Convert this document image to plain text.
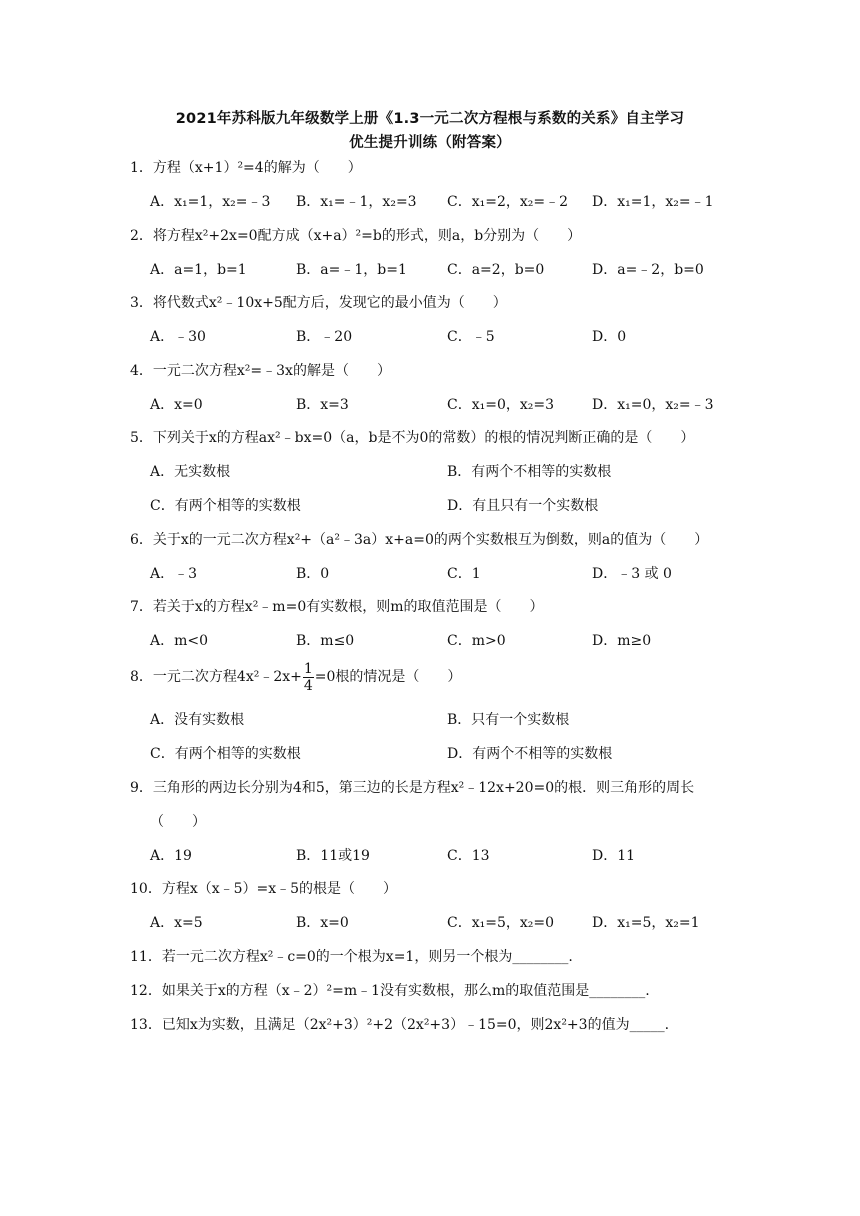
2021年苏科版九年级数学上册《1.3一元二次方程根与系数的关系》自主学习
优生提升训练（附答案）
1．方程（x+1）²=4的解为（　　）
A．x₁=1，x₂=﹣3 B．x₁=﹣1，x₂=3 C．x₁=2，x₂=﹣2 D．x₁=1，x₂=﹣1
2．将方程x²+2x=0配方成（x+a）²=b的形式，则a，b分别为（　　）
A．a=1，b=1	B．a=﹣1，b=1	C．a=2，b=0	D．a=﹣2，b=0
3．将代数式x²﹣10x+5配方后，发现它的最小值为（　　）
A．﹣30	B．﹣20	C．﹣5	D．0
4．一元二次方程x²=﹣3x的解是（　　）
A．x=0	B．x=3	C．x₁=0，x₂=3	D．x₁=0，x₂=﹣3
5．下列关于x的方程ax²﹣bx=0（a，b是不为0的常数）的根的情况判断正确的是（　　）
A．无实数根	B．有两个不相等的实数根
C．有两个相等的实数根	D．有且只有一个实数根
6．关于x的一元二次方程x²+（a²﹣3a）x+a=0的两个实数根互为倒数，则a的值为（　　）
A．﹣3	B．0	C．1	D．﹣3 或 0
7．若关于x的方程x²﹣m=0有实数根，则m的取值范围是（　　）
A．m<0	B．m≤0	C．m>0	D．m≥0
8．一元二次方程4x²﹣2x+ $\frac{1}{4} =0$根的情况是（　　）
A．没有实数根	B．只有一个实数根
C．有两个相等的实数根	D．有两个不相等的实数根
9．三角形的两边长分别为4和5，第三边的长是方程x²﹣12x+20=0的根．则三角形的周长
（　　）
A．19	B．11或19	C．13	D．11
10．方程x（x﹣5）=x﹣5的根是（　　）
A．x=5	B．x=0	C．x₁=5，x₂=0	D．x₁=5，x₂=1
11．若一元二次方程x²﹣c=0的一个根为x=1，则另一个根为________.
12．如果关于x的方程（x﹣2）²=m﹣1没有实数根，那么m的取值范围是________.
13．已知x为实数，且满足（2x²+3）²+2（2x²+3）﹣15=0，则2x²+3的值为_____.
